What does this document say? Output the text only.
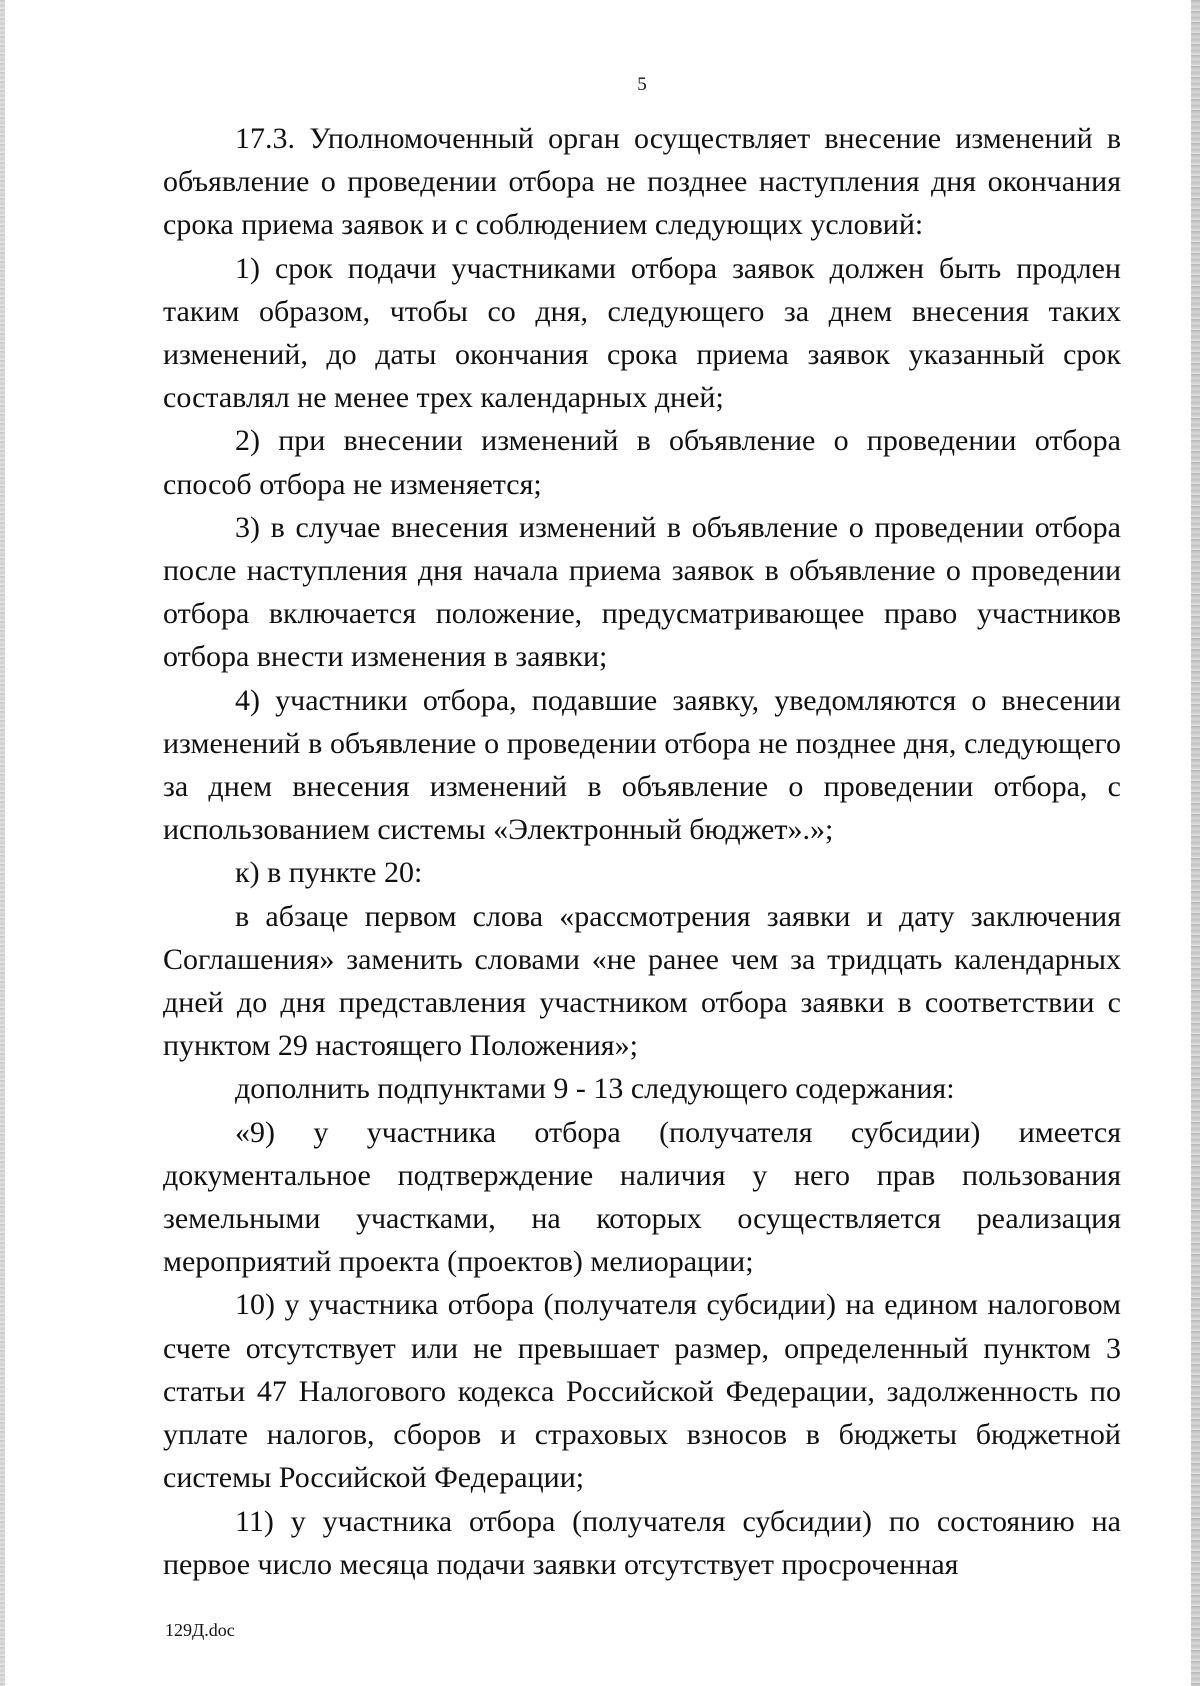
5

17.3. Уполномоченный орган осуществляет внесение изменений в объявление о проведении отбора не позднее наступления дня окончания срока приема заявок и с соблюдением следующих условий:

1) срок подачи участниками отбора заявок должен быть продлен таким образом, чтобы со дня, следующего за днем внесения таких изменений, до даты окончания срока приема заявок указанный срок составлял не менее трех календарных дней;

2) при внесении изменений в объявление о проведении отбора способ отбора не изменяется;

3) в случае внесения изменений в объявление о проведении отбора после наступления дня начала приема заявок в объявление о проведении отбора включается положение, предусматривающее право участников отбора внести изменения в заявки;

4) участники отбора, подавшие заявку, уведомляются о внесении изменений в объявление о проведении отбора не позднее дня, следующего за днем внесения изменений в объявление о проведении отбора, с использованием системы «Электронный бюджет».»;

к) в пункте 20:

в абзаце первом слова «рассмотрения заявки и дату заключения Соглашения» заменить словами «не ранее чем за тридцать календарных дней до дня представления участником отбора заявки в соответствии с пунктом 29 настоящего Положения»;

дополнить подпунктами 9 - 13 следующего содержания:

«9) у участника отбора (получателя субсидии) имеется документальное подтверждение наличия у него прав пользования земельными участками, на которых осуществляется реализация мероприятий проекта (проектов) мелиорации;

10) у участника отбора (получателя субсидии) на едином налоговом счете отсутствует или не превышает размер, определенный пунктом 3 статьи 47 Налогового кодекса Российской Федерации, задолженность по уплате налогов, сборов и страховых взносов в бюджеты бюджетной системы Российской Федерации;

11) у участника отбора (получателя субсидии) по состоянию на первое число месяца подачи заявки отсутствует просроченная

129Д.doc
